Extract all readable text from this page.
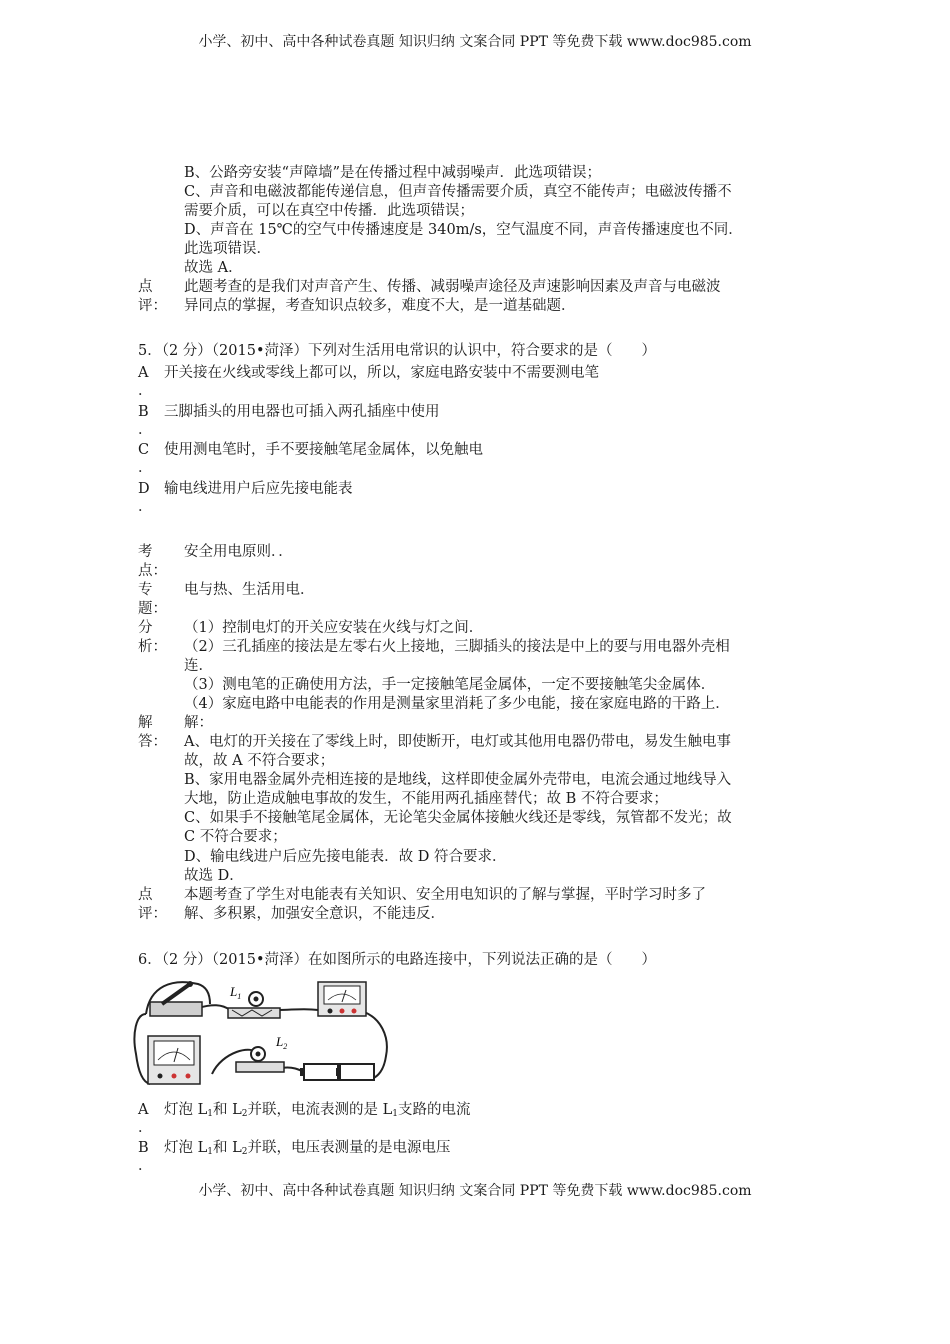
小学、初中、高中各种试卷真题 知识归纳 文案合同 PPT 等免费下载 www.doc985.com
B、公路旁安装“声障墙”是在传播过程中减弱噪声．此选项错误；
C、声音和电磁波都能传递信息，但声音传播需要介质，真空不能传声；电磁波传播不
需要介质，可以在真空中传播．此选项错误；
D、声音在 15℃的空气中传播速度是 340m/s，空气温度不同，声音传播速度也不同．
此选项错误．
故选 A．
点
评：
此题考查的是我们对声音产生、传播、减弱噪声途径及声速影响因素及声音与电磁波
异同点的掌握，考查知识点较多，难度不大，是一道基础题．
5．（2 分）（2015•菏泽）下列对生活用电常识的认识中，符合要求的是（　　）
A 开关接在火线或零线上都可以，所以，家庭电路安装中不需要测电笔
．
B 三脚插头的用电器也可插入两孔插座中使用
．
C 使用测电笔时，手不要接触笔尾金属体，以免触电
．
D 输电线进用户后应先接电能表
．
考
点：
安全用电原则．．
专
题：
电与热、生活用电．
分
析：
（1）控制电灯的开关应安装在火线与灯之间．
（2）三孔插座的接法是左零右火上接地，三脚插头的接法是中上的要与用电器外壳相
连．
（3）测电笔的正确使用方法，手一定接触笔尾金属体，一定不要接触笔尖金属体．
（4）家庭电路中电能表的作用是测量家里消耗了多少电能，接在家庭电路的干路上．
解
答：
解：
A、电灯的开关接在了零线上时，即使断开，电灯或其他用电器仍带电，易发生触电事
故，故 A 不符合要求；
B、家用电器金属外壳相连接的是地线，这样即使金属外壳带电，电流会通过地线导入
大地，防止造成触电事故的发生，不能用两孔插座替代；故 B 不符合要求；
C、如果手不接触笔尾金属体，无论笔尖金属体接触火线还是零线，氖管都不发光；故
C 不符合要求；
D、输电线进户后应先接电能表．故 D 符合要求．
故选 D．
点
评：
本题考查了学生对电能表有关知识、安全用电知识的了解与掌握，平时学习时多了
解、多积累，加强安全意识，不能违反．
6．（2 分）（2015•菏泽）在如图所示的电路连接中，下列说法正确的是（　　）
$L_1$
$L_2$
A 灯泡 $L_1$和 $L_2$并联，电流表测的是 $L_1$支路的电流
．
B 灯泡 $L_1$和 $L_2$并联，电压表测量的是电源电压
．
小学、初中、高中各种试卷真题 知识归纳 文案合同 PPT 等免费下载 www.doc985.com
